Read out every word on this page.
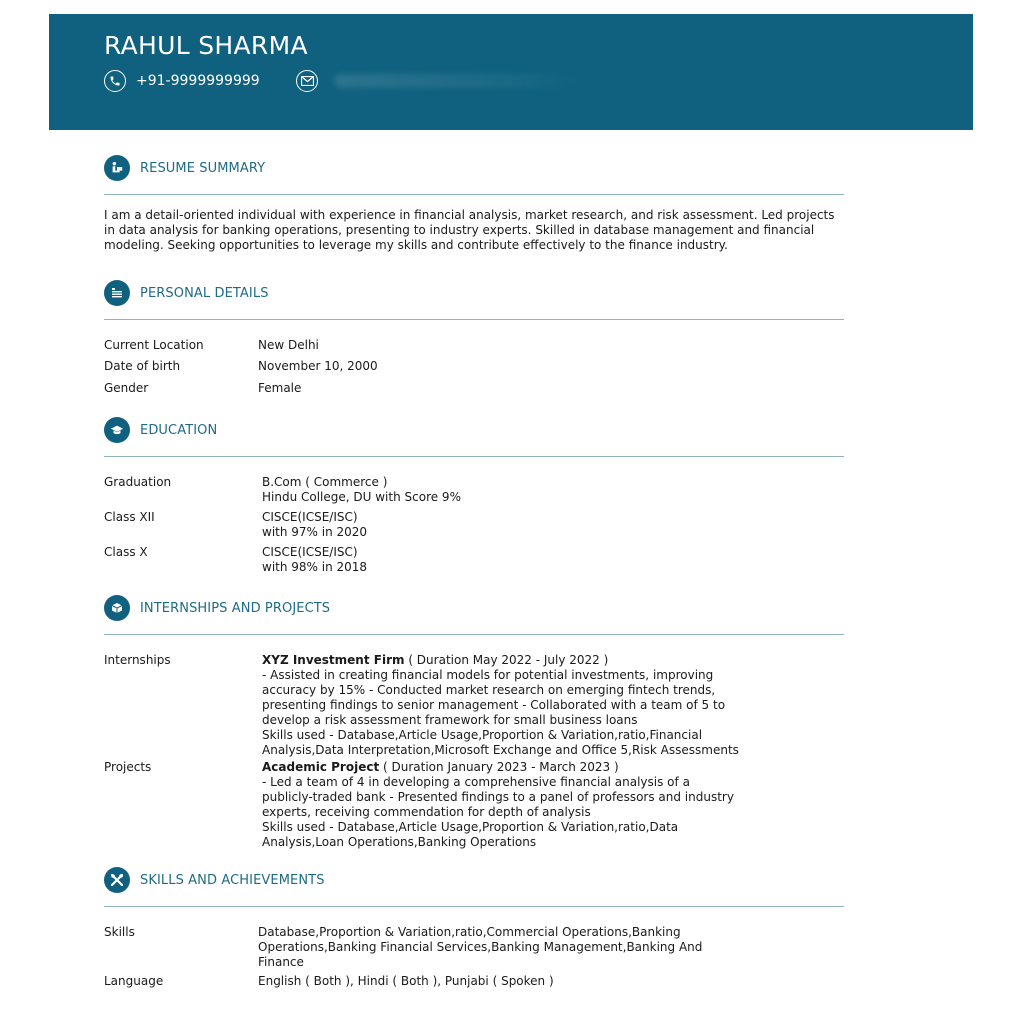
RAHUL SHARMA
+91-9999999999
RESUME SUMMARY
I am a detail-oriented individual with experience in financial analysis, market research, and risk assessment. Led projects in data analysis for banking operations, presenting to industry experts. Skilled in database management and financial modeling. Seeking opportunities to leverage my skills and contribute effectively to the finance industry.
PERSONAL DETAILS
Current Location	New Delhi
Date of birth	November 10, 2000
Gender	Female
EDUCATION
Graduation	B.Com ( Commerce )
Hindu College, DU with Score 9%
Class XII	CISCE(ICSE/ISC)
with 97% in 2020
Class X	CISCE(ICSE/ISC)
with 98% in 2018
INTERNSHIPS AND PROJECTS
Internships	XYZ Investment Firm ( Duration May 2022 - July 2022 )
- Assisted in creating financial models for potential investments, improving accuracy by 15% - Conducted market research on emerging fintech trends, presenting findings to senior management - Collaborated with a team of 5 to develop a risk assessment framework for small business loans
Skills used - Database,Article Usage,Proportion & Variation,ratio,Financial Analysis,Data Interpretation,Microsoft Exchange and Office 5,Risk Assessments
Projects	Academic Project ( Duration January 2023 - March 2023 )
- Led a team of 4 in developing a comprehensive financial analysis of a publicly-traded bank - Presented findings to a panel of professors and industry experts, receiving commendation for depth of analysis
Skills used - Database,Article Usage,Proportion & Variation,ratio,Data Analysis,Loan Operations,Banking Operations
SKILLS AND ACHIEVEMENTS
Skills	Database,Proportion & Variation,ratio,Commercial Operations,Banking Operations,Banking Financial Services,Banking Management,Banking And Finance
Language	English ( Both ), Hindi ( Both ), Punjabi ( Spoken )
